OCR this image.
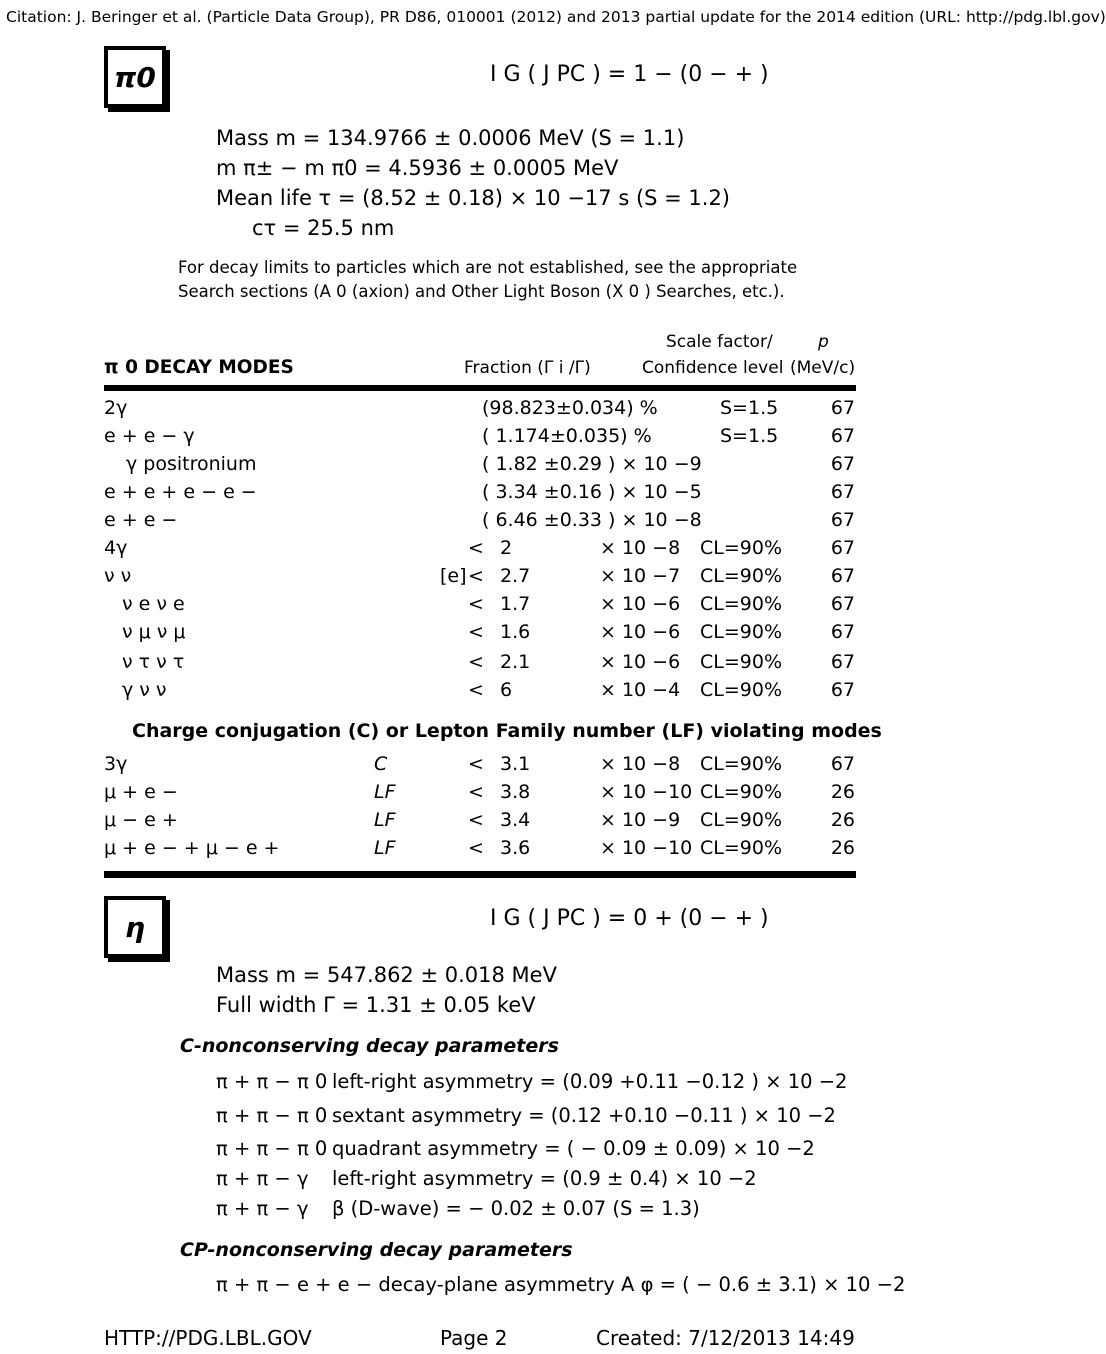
Citation: J. Beringer et al. (Particle Data Group), PR D86, 010001 (2012) and 2013 partial update for the 2014 edition (URL: http://pdg.lbl.gov)
π0	I G ( J PC ) = 1 − (0 − + )
Mass m = 134.9766 ± 0.0006 MeV (S = 1.1)
m π± − m π0 = 4.5936 ± 0.0005 MeV
Mean life τ = (8.52 ± 0.18) × 10 −17 s (S = 1.2)
cτ = 25.5 nm
For decay limits to particles which are not established, see the appropriate
Search sections (A 0 (axion) and Other Light Boson (X 0 ) Searches, etc.).
Scale factor/	p
π 0 DECAY MODES	Fraction (Γ i /Γ)	Confidence level (MeV/c)
2γ	(98.823±0.034) %	S=1.5	67
e + e − γ	( 1.174±0.035) %	S=1.5	67
γ positronium	( 1.82 ±0.29 ) × 10 −9	67
e + e + e − e −	( 3.34 ±0.16 ) × 10 −5	67
e + e −	( 6.46 ±0.33 ) × 10 −8	67
4γ	< 2	× 10 −8 CL=90%	67
ν ν	[e] < 2.7	× 10 −7 CL=90%	67
ν e ν e	< 1.7	× 10 −6 CL=90%	67
ν μ ν μ	< 1.6	× 10 −6 CL=90%	67
ν τ ν τ	< 2.1	× 10 −6 CL=90%	67
γ ν ν	< 6	× 10 −4 CL=90%	67
Charge conjugation (C) or Lepton Family number (LF) violating modes
3γ	C	< 3.1	× 10 −8 CL=90%	67
μ + e −	LF	< 3.8	× 10 −10 CL=90%	26
μ − e +	LF	< 3.4	× 10 −9 CL=90%	26
μ + e − + μ − e +	LF	< 3.6	× 10 −10 CL=90%	26
η	I G ( J PC ) = 0 + (0 − + )
Mass m = 547.862 ± 0.018 MeV
Full width Γ = 1.31 ± 0.05 keV
C-nonconserving decay parameters
π + π − π 0 left-right asymmetry = (0.09 +0.11 −0.12 ) × 10 −2
π + π − π 0 sextant asymmetry = (0.12 +0.10 −0.11 ) × 10 −2
π + π − π 0 quadrant asymmetry = ( − 0.09 ± 0.09) × 10 −2
π + π − γ left-right asymmetry = (0.9 ± 0.4) × 10 −2
π + π − γ β (D-wave) = − 0.02 ± 0.07 (S = 1.3)
CP-nonconserving decay parameters
π + π − e + e − decay-plane asymmetry A φ = ( − 0.6 ± 3.1) × 10 −2
HTTP://PDG.LBL.GOV	Page 2	Created: 7/12/2013 14:49
